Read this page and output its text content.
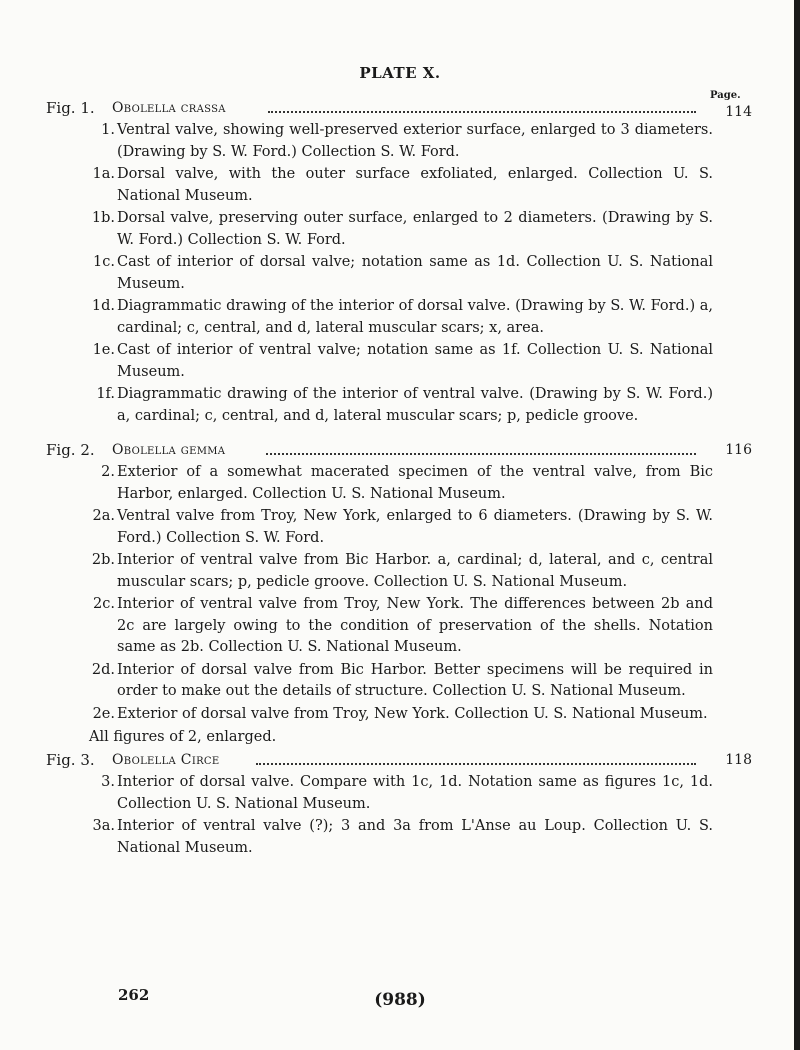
PLATE X.
Page.
Fig. 1. Obolella crassa	114
1. Ventral valve, showing well-preserved exterior surface, enlarged to 3 diameters. (Drawing by S. W. Ford.) Collection S. W. Ford.
1a. Dorsal valve, with the outer surface exfoliated, enlarged. Collection U. S. National Museum.
1b. Dorsal valve, preserving outer surface, enlarged to 2 diameters. (Drawing by S. W. Ford.) Collection S. W. Ford.
1c. Cast of interior of dorsal valve; notation same as 1d. Collection U. S. National Museum.
1d. Diagrammatic drawing of the interior of dorsal valve. (Drawing by S. W. Ford.) a, cardinal; c, central, and d, lateral muscular scars; x, area.
1e. Cast of interior of ventral valve; notation same as 1f. Collection U. S. National Museum.
1f. Diagrammatic drawing of the interior of ventral valve. (Drawing by S. W. Ford.) a, cardinal; c, central, and d, lateral muscular scars; p, pedicle groove.
Fig. 2. Obolella gemma	116
2. Exterior of a somewhat macerated specimen of the ventral valve, from Bic Harbor, enlarged. Collection U. S. National Museum.
2a. Ventral valve from Troy, New York, enlarged to 6 diameters. (Drawing by S. W. Ford.) Collection S. W. Ford.
2b. Interior of ventral valve from Bic Harbor. a, cardinal; d, lateral, and c, central muscular scars; p, pedicle groove. Collection U. S. National Museum.
2c. Interior of ventral valve from Troy, New York. The differences between 2b and 2c are largely owing to the condition of preservation of the shells. Notation same as 2b. Collection U. S. National Museum.
2d. Interior of dorsal valve from Bic Harbor. Better specimens will be required in order to make out the details of structure. Collection U. S. National Museum.
2e. Exterior of dorsal valve from Troy, New York. Collection U. S. National Museum.
All figures of 2, enlarged.
Fig. 3. Obolella Circe	118
3. Interior of dorsal valve. Compare with 1c, 1d. Notation same as figures 1c, 1d. Collection U. S. National Museum.
3a. Interior of ventral valve (?); 3 and 3a from L'Anse au Loup. Collection U. S. National Museum.
262	(988)
